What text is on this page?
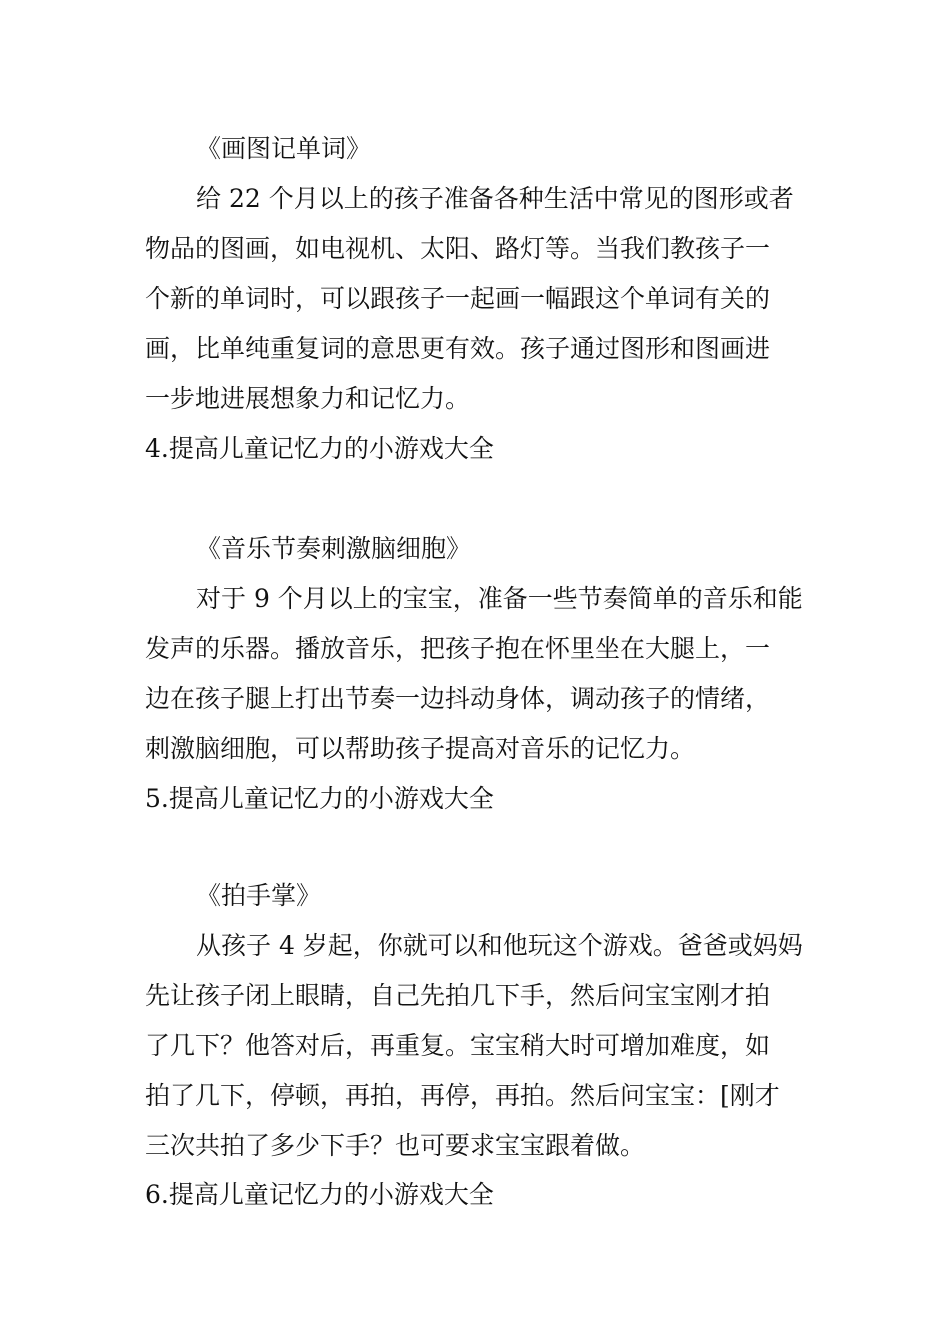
《画图记单词》
给 22 个月以上的孩子准备各种生活中常见的图形或者
物品的图画，如电视机、太阳、路灯等。当我们教孩子一
个新的单词时，可以跟孩子一起画一幅跟这个单词有关的
画，比单纯重复词的意思更有效。孩子通过图形和图画进
一步地进展想象力和记忆力。
4.提高儿童记忆力的小游戏大全
《音乐节奏刺激脑细胞》
对于 9 个月以上的宝宝，准备一些节奏简单的音乐和能
发声的乐器。播放音乐，把孩子抱在怀里坐在大腿上，一
边在孩子腿上打出节奏一边抖动身体，调动孩子的情绪，
刺激脑细胞，可以帮助孩子提高对音乐的记忆力。
5.提高儿童记忆力的小游戏大全
《拍手掌》
从孩子 4 岁起，你就可以和他玩这个游戏。爸爸或妈妈
先让孩子闭上眼睛，自己先拍几下手，然后问宝宝刚才拍
了几下？他答对后，再重复。宝宝稍大时可增加难度，如
拍了几下，停顿，再拍，再停，再拍。然后问宝宝：[刚才
三次共拍了多少下手？也可要求宝宝跟着做。
6.提高儿童记忆力的小游戏大全
